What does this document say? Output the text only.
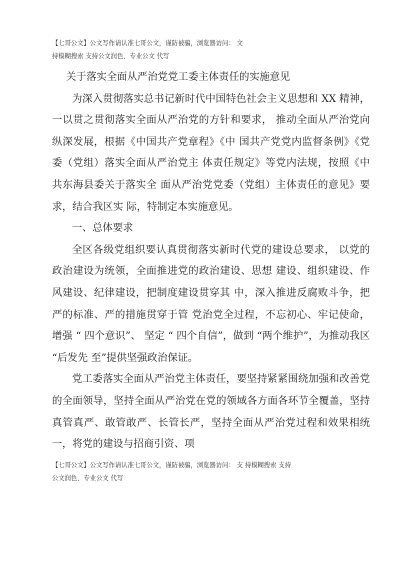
【七哥公文】公文写作请认准七哥公文，谨防被骗，浏览器访问： 文
持模糊搜索 支持公文润色、专业公文 代写
关于落实全面从严治党党工委主体责任的实施意见

为深入贯彻落实总书记新时代中国特色社会主义思想和 XX 精神，一以贯之贯彻落实全面从严治党的方针和要求， 推动全面从严治党向纵深发展，根据《中国共产党章程》《中 国共产党党内监督条例》《党委（党组）落实全面从严治党主 体责任规定》等党内法规，按照《中共东海县委关于落实全 面从严治党党委（党组）主体责任的意见》要求，结合我区实 际，特制定本实施意见。

一、总体要求

全区各级党组织要认真贯彻落实新时代党的建设总要求， 以党的政治建设为统领，全面推进党的政治建设、思想 建设、组织建设、作风建设、纪律建设，把制度建设贯穿其 中，深入推进反腐败斗争，把严的标准、严的措施贯穿于管 党治党全过程，不忘初心、牢记使命，增强 “ 四个意识”、 坚定 “ 四个自信”，做到 “两个维护”，为推动我区 “后发先 至”提供坚强政治保证。

党工委落实全面从严治党主体责任，要坚持紧紧围绕加强和改善党的全面领导，坚持全面从严治党在党的领域各方面各环节全覆盖，坚持真管真严、敢管敢严、长管长严，坚持全面从严治党过程和效果相统一，将党的建设与招商引资、项

【七哥公文】公文写作请认准七哥公文，谨防被骗，浏览器访问： 支 持模糊搜索 支持
公文润色、专业公文 代写
